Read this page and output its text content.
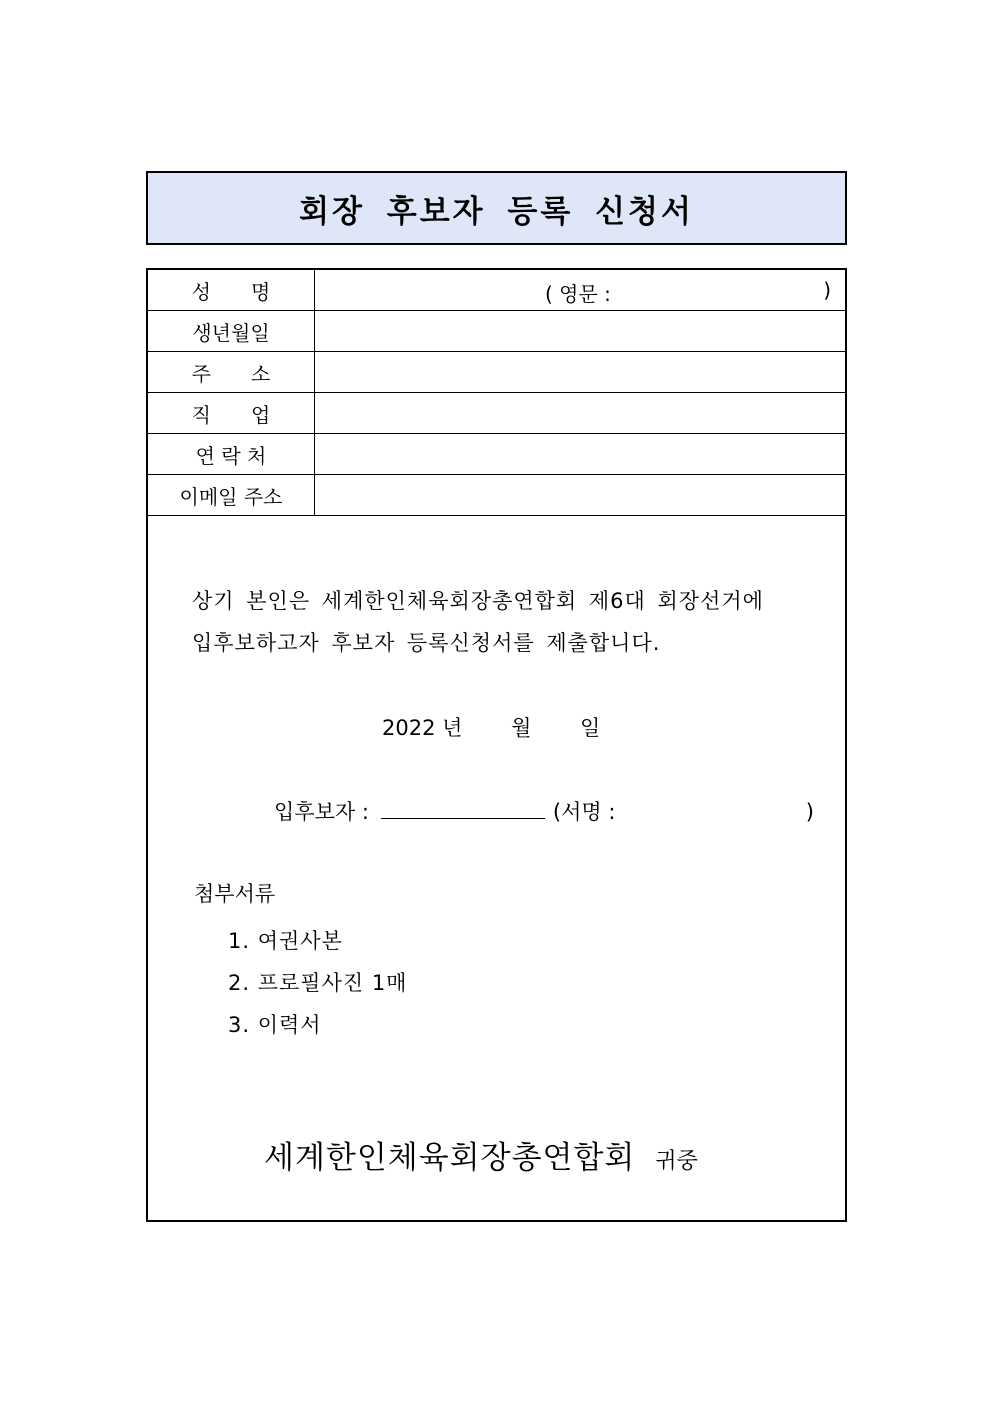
회장 후보자 등록 신청서
성　　명	( 영문 : )

생년월일	
주　　소	
직　　업	
연 락 처	
이메일 주소	

상기 본인은 세계한인체육회장총연합회 제6대 회장선거에

입후보하고자 후보자 등록신청서를 제출합니다.

2022 년　　 월　　 일
입후보자 :	(서명 :	)
첨부서류
1. 여권사본
2. 프로필사진 1매
3. 이력서
세계한인체육회장총연합회 귀중
